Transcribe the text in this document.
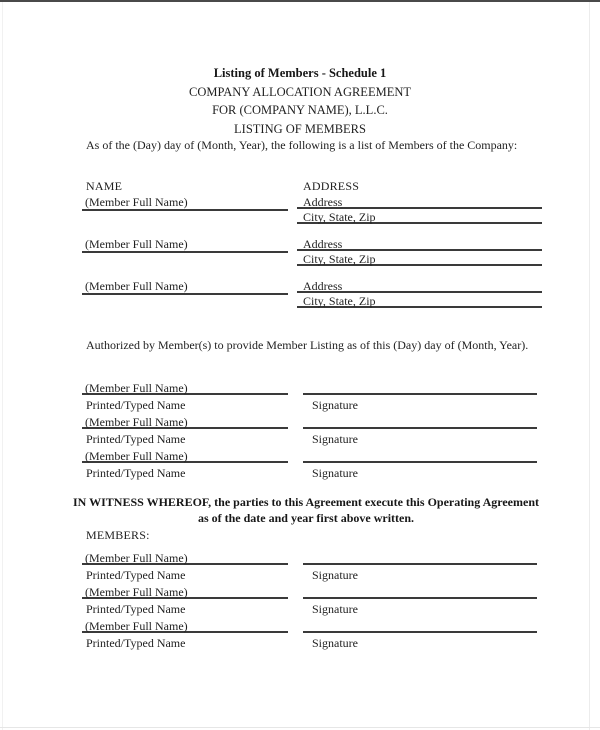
Listing of Members - Schedule 1
COMPANY ALLOCATION AGREEMENT
FOR (COMPANY NAME), L.L.C.
LISTING OF MEMBERS
As of the (Day) day of (Month, Year), the following is a list of Members of the Company:
NAME	ADDRESS
(Member Full Name)	Address
City, State, Zip
(Member Full Name)	Address
City, State, Zip
(Member Full Name)	Address
City, State, Zip
Authorized by Member(s) to provide Member Listing as of this (Day) day of (Month, Year).
(Member Full Name)
Printed/Typed Name	Signature
(Member Full Name)
Printed/Typed Name	Signature
(Member Full Name)
Printed/Typed Name	Signature
IN WITNESS WHEREOF, the parties to this Agreement execute this Operating Agreement
as of the date and year first above written.
MEMBERS:
(Member Full Name)
Printed/Typed Name	Signature
(Member Full Name)
Printed/Typed Name	Signature
(Member Full Name)
Printed/Typed Name	Signature
